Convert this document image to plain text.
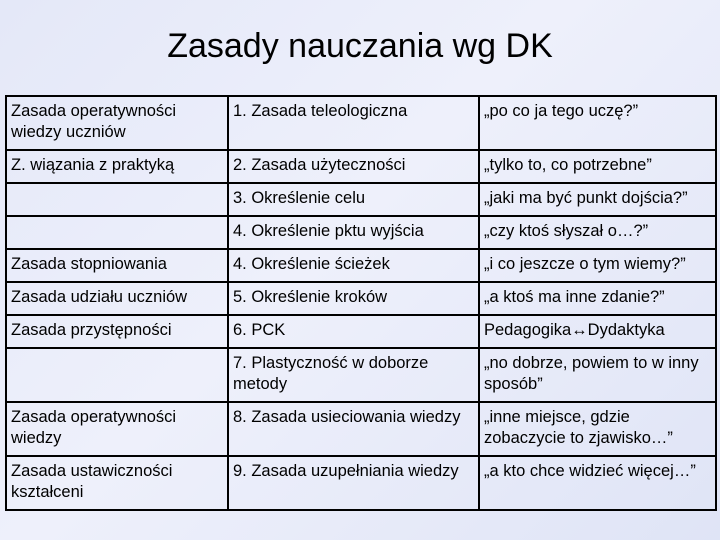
Zasady nauczania wg DK
Zasada operatywności wiedzy uczniów	1. Zasada teleologiczna	„po co ja tego uczę?”
Z. wiązania z praktyką	2. Zasada użyteczności	„tylko to, co potrzebne”
	3. Określenie celu	„jaki ma być punkt dojścia?”
	4. Określenie pktu wyjścia	„czy ktoś słyszał o…?”
Zasada stopniowania	4. Określenie ścieżek	„i co jeszcze o tym wiemy?”
Zasada udziału uczniów	5. Określenie kroków	„a ktoś ma inne zdanie?”
Zasada przystępności	6. PCK	Pedagogika↔Dydaktyka
	7. Plastyczność w doborze metody	„no dobrze, powiem to w inny sposób”
Zasada operatywności wiedzy	8. Zasada usieciowania wiedzy	„inne miejsce, gdzie zobaczycie to zjawisko…”
Zasada ustawiczności kształceni	9. Zasada uzupełniania wiedzy	„a kto chce widzieć więcej…”
